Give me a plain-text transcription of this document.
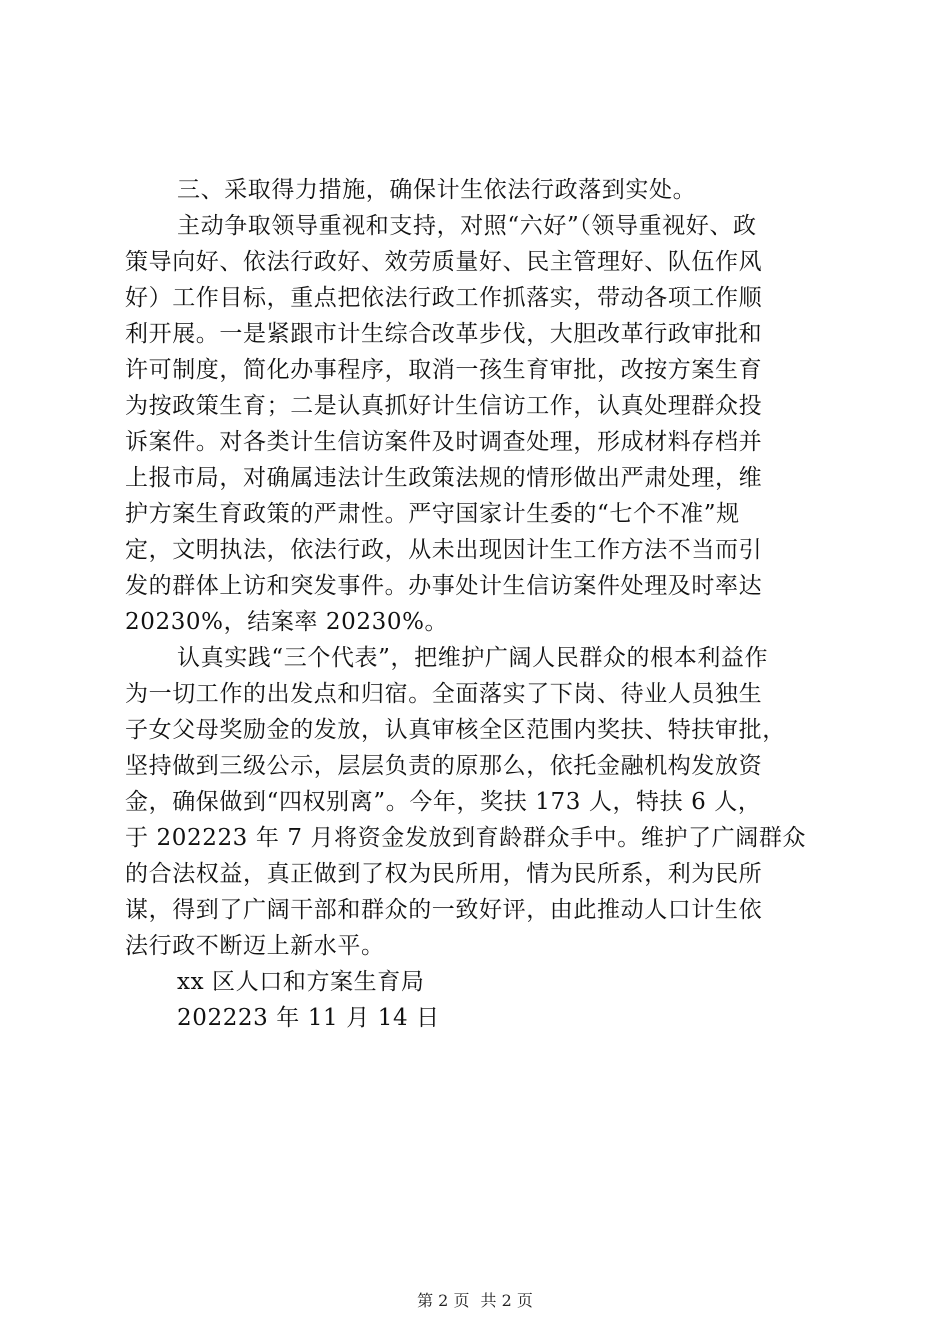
三、采取得力措施，确保计生依法行政落到实处。
主动争取领导重视和支持，对照“六好”（领导重视好、政
策导向好、依法行政好、效劳质量好、民主管理好、队伍作风
好）工作目标，重点把依法行政工作抓落实，带动各项工作顺
利开展。一是紧跟市计生综合改革步伐，大胆改革行政审批和
许可制度，简化办事程序，取消一孩生育审批，改按方案生育
为按政策生育；二是认真抓好计生信访工作，认真处理群众投
诉案件。对各类计生信访案件及时调查处理，形成材料存档并
上报市局，对确属违法计生政策法规的情形做出严肃处理，维
护方案生育政策的严肃性。严守国家计生委的“七个不准”规
定，文明执法，依法行政，从未出现因计生工作方法不当而引
发的群体上访和突发事件。办事处计生信访案件处理及时率达
20230%，结案率 20230%。
认真实践“三个代表”，把维护广阔人民群众的根本利益作
为一切工作的出发点和归宿。全面落实了下岗、待业人员独生
子女父母奖励金的发放，认真审核全区范围内奖扶、特扶审批，
坚持做到三级公示，层层负责的原那么，依托金融机构发放资
金，确保做到“四权别离”。今年，奖扶 173 人，特扶 6 人，
于 202223 年 7 月将资金发放到育龄群众手中。维护了广阔群众
的合法权益，真正做到了权为民所用，情为民所系，利为民所
谋，得到了广阔干部和群众的一致好评，由此推动人口计生依
法行政不断迈上新水平。
xx 区人口和方案生育局
202223 年 11 月 14 日
第 2 页 共 2 页
